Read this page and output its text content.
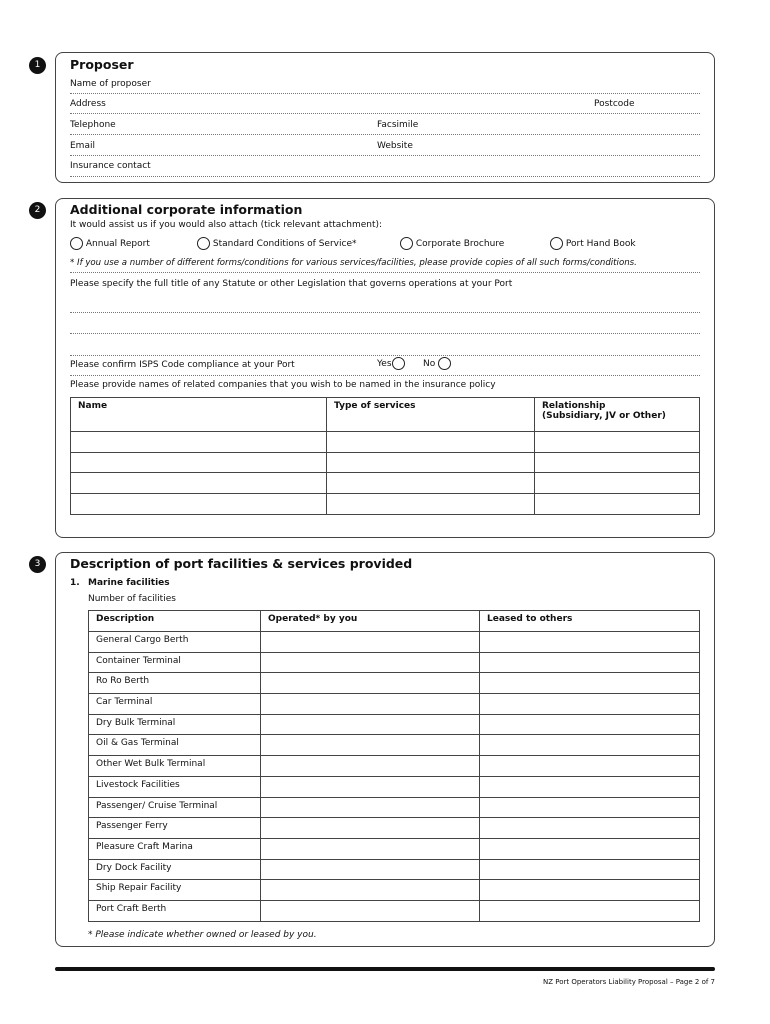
1	Proposer
Name of proposer
Address	Postcode
Telephone	Facsimile
Email	Website
Insurance contact
2	Additional corporate information
It would assist us if you would also attach (tick relevant attachment):
Annual Report	Standard Conditions of Service*	Corporate Brochure	Port Hand Book
* If you use a number of different forms/conditions for various services/facilities, please provide copies of all such forms/conditions.
Please specify the full title of any Statute or other Legislation that governs operations at your Port
Please confirm ISPS Code compliance at your Port	Yes	No
Please provide names of related companies that you wish to be named in the insurance policy
Name	Type of services	Relationship
(Subsidiary, JV or Other)

3	Description of port facilities & services provided
1. Marine facilities
Number of facilities
Description	Operated* by you	Leased to others
General Cargo Berth		
Container Terminal		
Ro Ro Berth		
Car Terminal		
Dry Bulk Terminal		
Oil & Gas Terminal		
Other Wet Bulk Terminal		
Livestock Facilities		
Passenger/ Cruise Terminal		
Passenger Ferry		
Pleasure Craft Marina		
Dry Dock Facility		
Ship Repair Facility		
Port Craft Berth		
* Please indicate whether owned or leased by you.
NZ Port Operators Liability Proposal – Page 2 of 7
